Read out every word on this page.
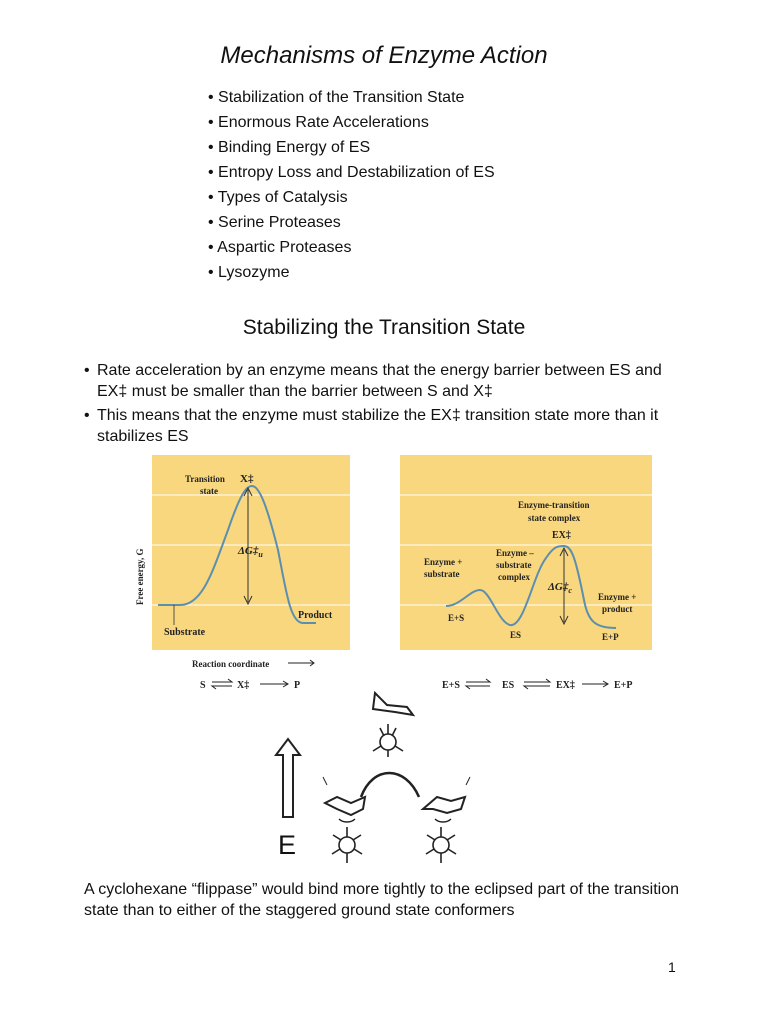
Mechanisms of Enzyme Action
• Stabilization of the Transition State
• Enormous Rate Accelerations
• Binding Energy of ES
• Entropy Loss and Destabilization of ES
• Types of Catalysis
• Serine Proteases
• Aspartic Proteases
• Lysozyme
Stabilizing the Transition State
• Rate acceleration by an enzyme means that the energy barrier between ES and EX‡ must be smaller than the barrier between S and X‡
• This means that the enzyme must stabilize the EX‡ transition state more than it stabilizes ES
Transition
state
X‡
$\Delta G\ddagger_u$
Substrate
Product
Free energy, G
Reaction coordinate
S	X‡	P
Enzyme-transition
state complex
EX‡
Enzyme +
substrate
Enzyme –
substrate
complex
$\Delta G\ddagger_c$
Enzyme +
product
E+S
ES	E+P
E+S	ES	EX‡	E+P
E
A cyclohexane “flippase” would bind more tightly to the eclipsed part of the transition state than to either of the staggered ground state conformers
1
